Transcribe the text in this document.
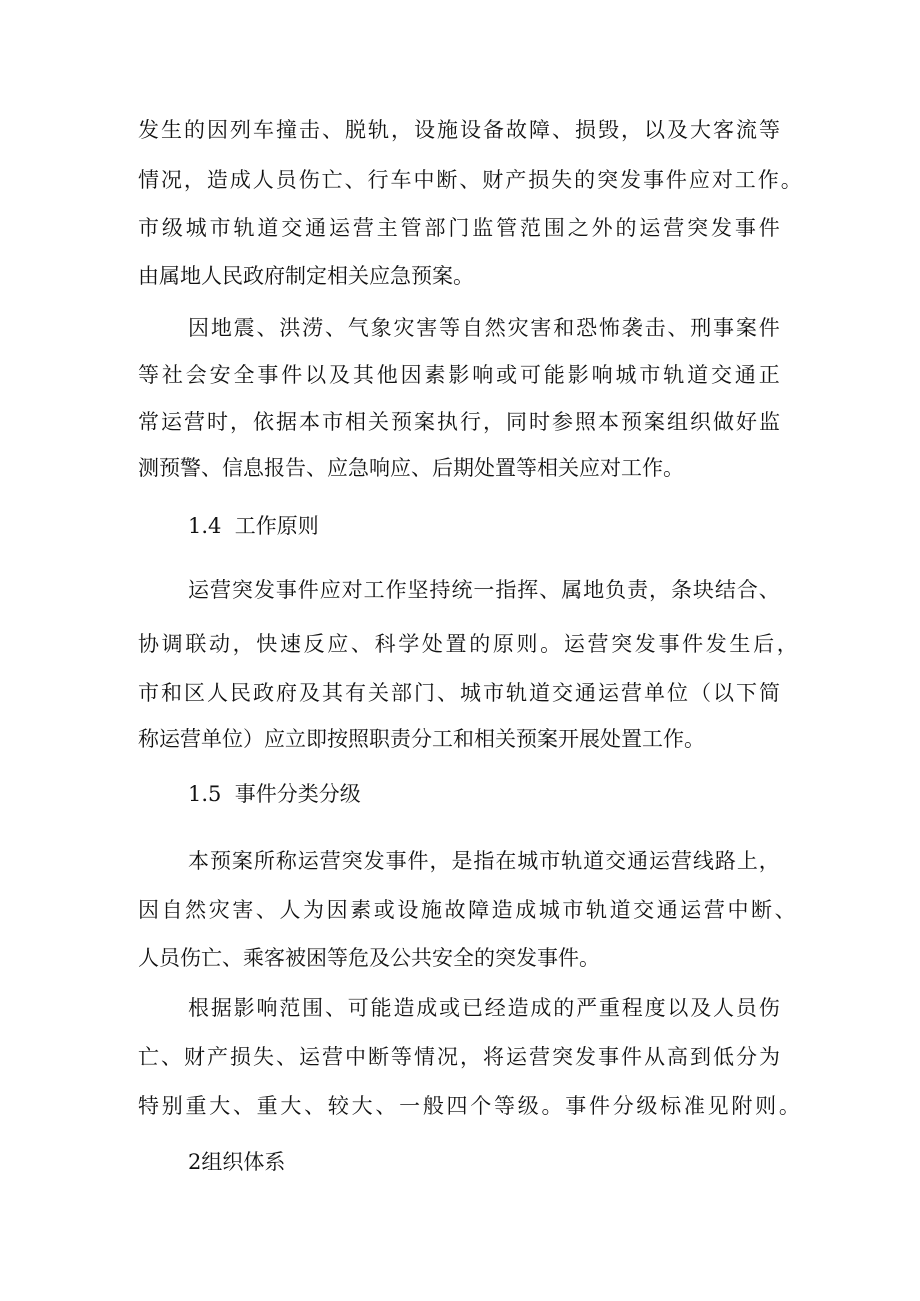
发 生 的 因 列 车 撞 击 、 脱 轨 ， 设 施 设 备 故 障 、 损 毁 ， 以 及 大 客 流 等
情 况 ， 造 成 人 员 伤 亡 、 行 车 中 断 、 财 产 损 失 的 突 发 事 件 应 对 工 作 。
市 级 城 市 轨 道 交 通 运 营 主 管 部 门 监 管 范 围 之 外 的 运 营 突 发 事 件
由属地人民政府制定相关应急预案。
因 地 震 、 洪 涝 、 气 象 灾 害 等 自 然 灾 害 和 恐 怖 袭 击 、 刑 事 案 件
等 社 会 安 全 事 件 以 及 其 他 因 素 影 响 或 可 能 影 响 城 市 轨 道 交 通 正
常 运 营 时 ， 依 据 本 市 相 关 预 案 执 行 ， 同 时 参 照 本 预 案 组 织 做 好 监
测预警、信息报告、应急响应、后期处置等相关应对工作。
1.4  工作原则
运 营 突 发 事 件 应 对 工 作 坚 持 统 一 指 挥 、 属 地 负 责 ， 条 块 结 合 、
协 调 联 动 ， 快 速 反 应 、 科 学 处 置 的 原 则 。 运 营 突 发 事 件 发 生 后 ，
市 和 区 人 民 政 府 及 其 有 关 部 门 、 城 市 轨 道 交 通 运 营 单 位 （ 以 下 简
称运营单位）应立即按照职责分工和相关预案开展处置工作。
1.5  事件分类分级
本 预 案 所 称 运 营 突 发 事 件 ， 是 指 在 城 市 轨 道 交 通 运 营 线 路 上 ，
因 自 然 灾 害 、 人 为 因 素 或 设 施 故 障 造 成 城 市 轨 道 交 通 运 营 中 断 、
人员伤亡、乘客被困等危及公共安全的突发事件。
根 据 影 响 范 围 、 可 能 造 成 或 已 经 造 成 的 严 重 程 度 以 及 人 员 伤
亡 、 财 产 损 失 、 运 营 中 断 等 情 况 ， 将 运 营 突 发 事 件 从 高 到 低 分 为
特 别 重 大 、 重 大 、 较 大 、 一 般 四 个 等 级 。 事 件 分 级 标 准 见 附 则 。
2组织体系
